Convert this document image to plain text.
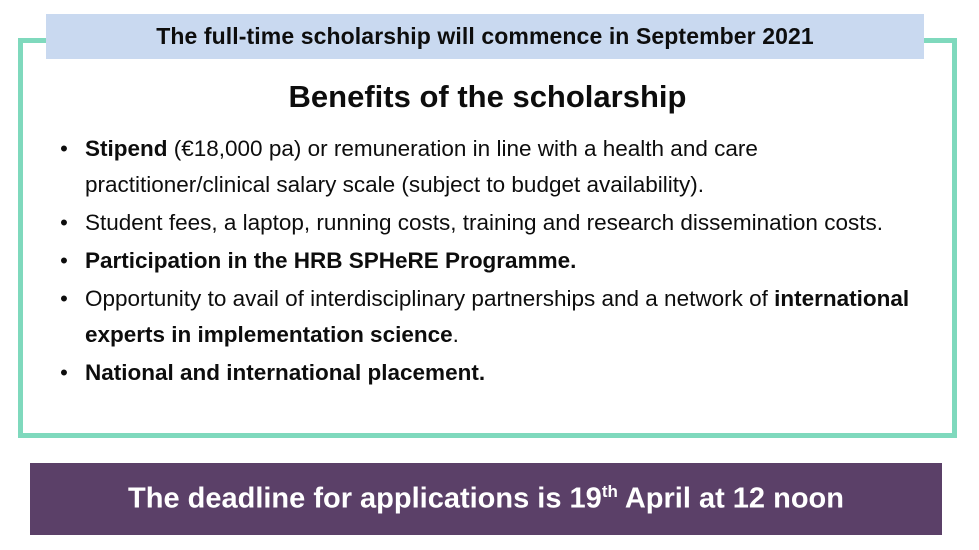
Benefits of the scholarship
• Stipend (€18,000 pa) or remuneration in line with a health and care practitioner/clinical salary scale (subject to budget availability).
• Student fees, a laptop, running costs, training and research dissemination costs.
• Participation in the HRB SPHeRE Programme.
• Opportunity to avail of interdisciplinary partnerships and a network of international experts in implementation science.
• National and international placement.
The full-time scholarship will commence in September 2021
The deadline for applications is 19th April at 12 noon
